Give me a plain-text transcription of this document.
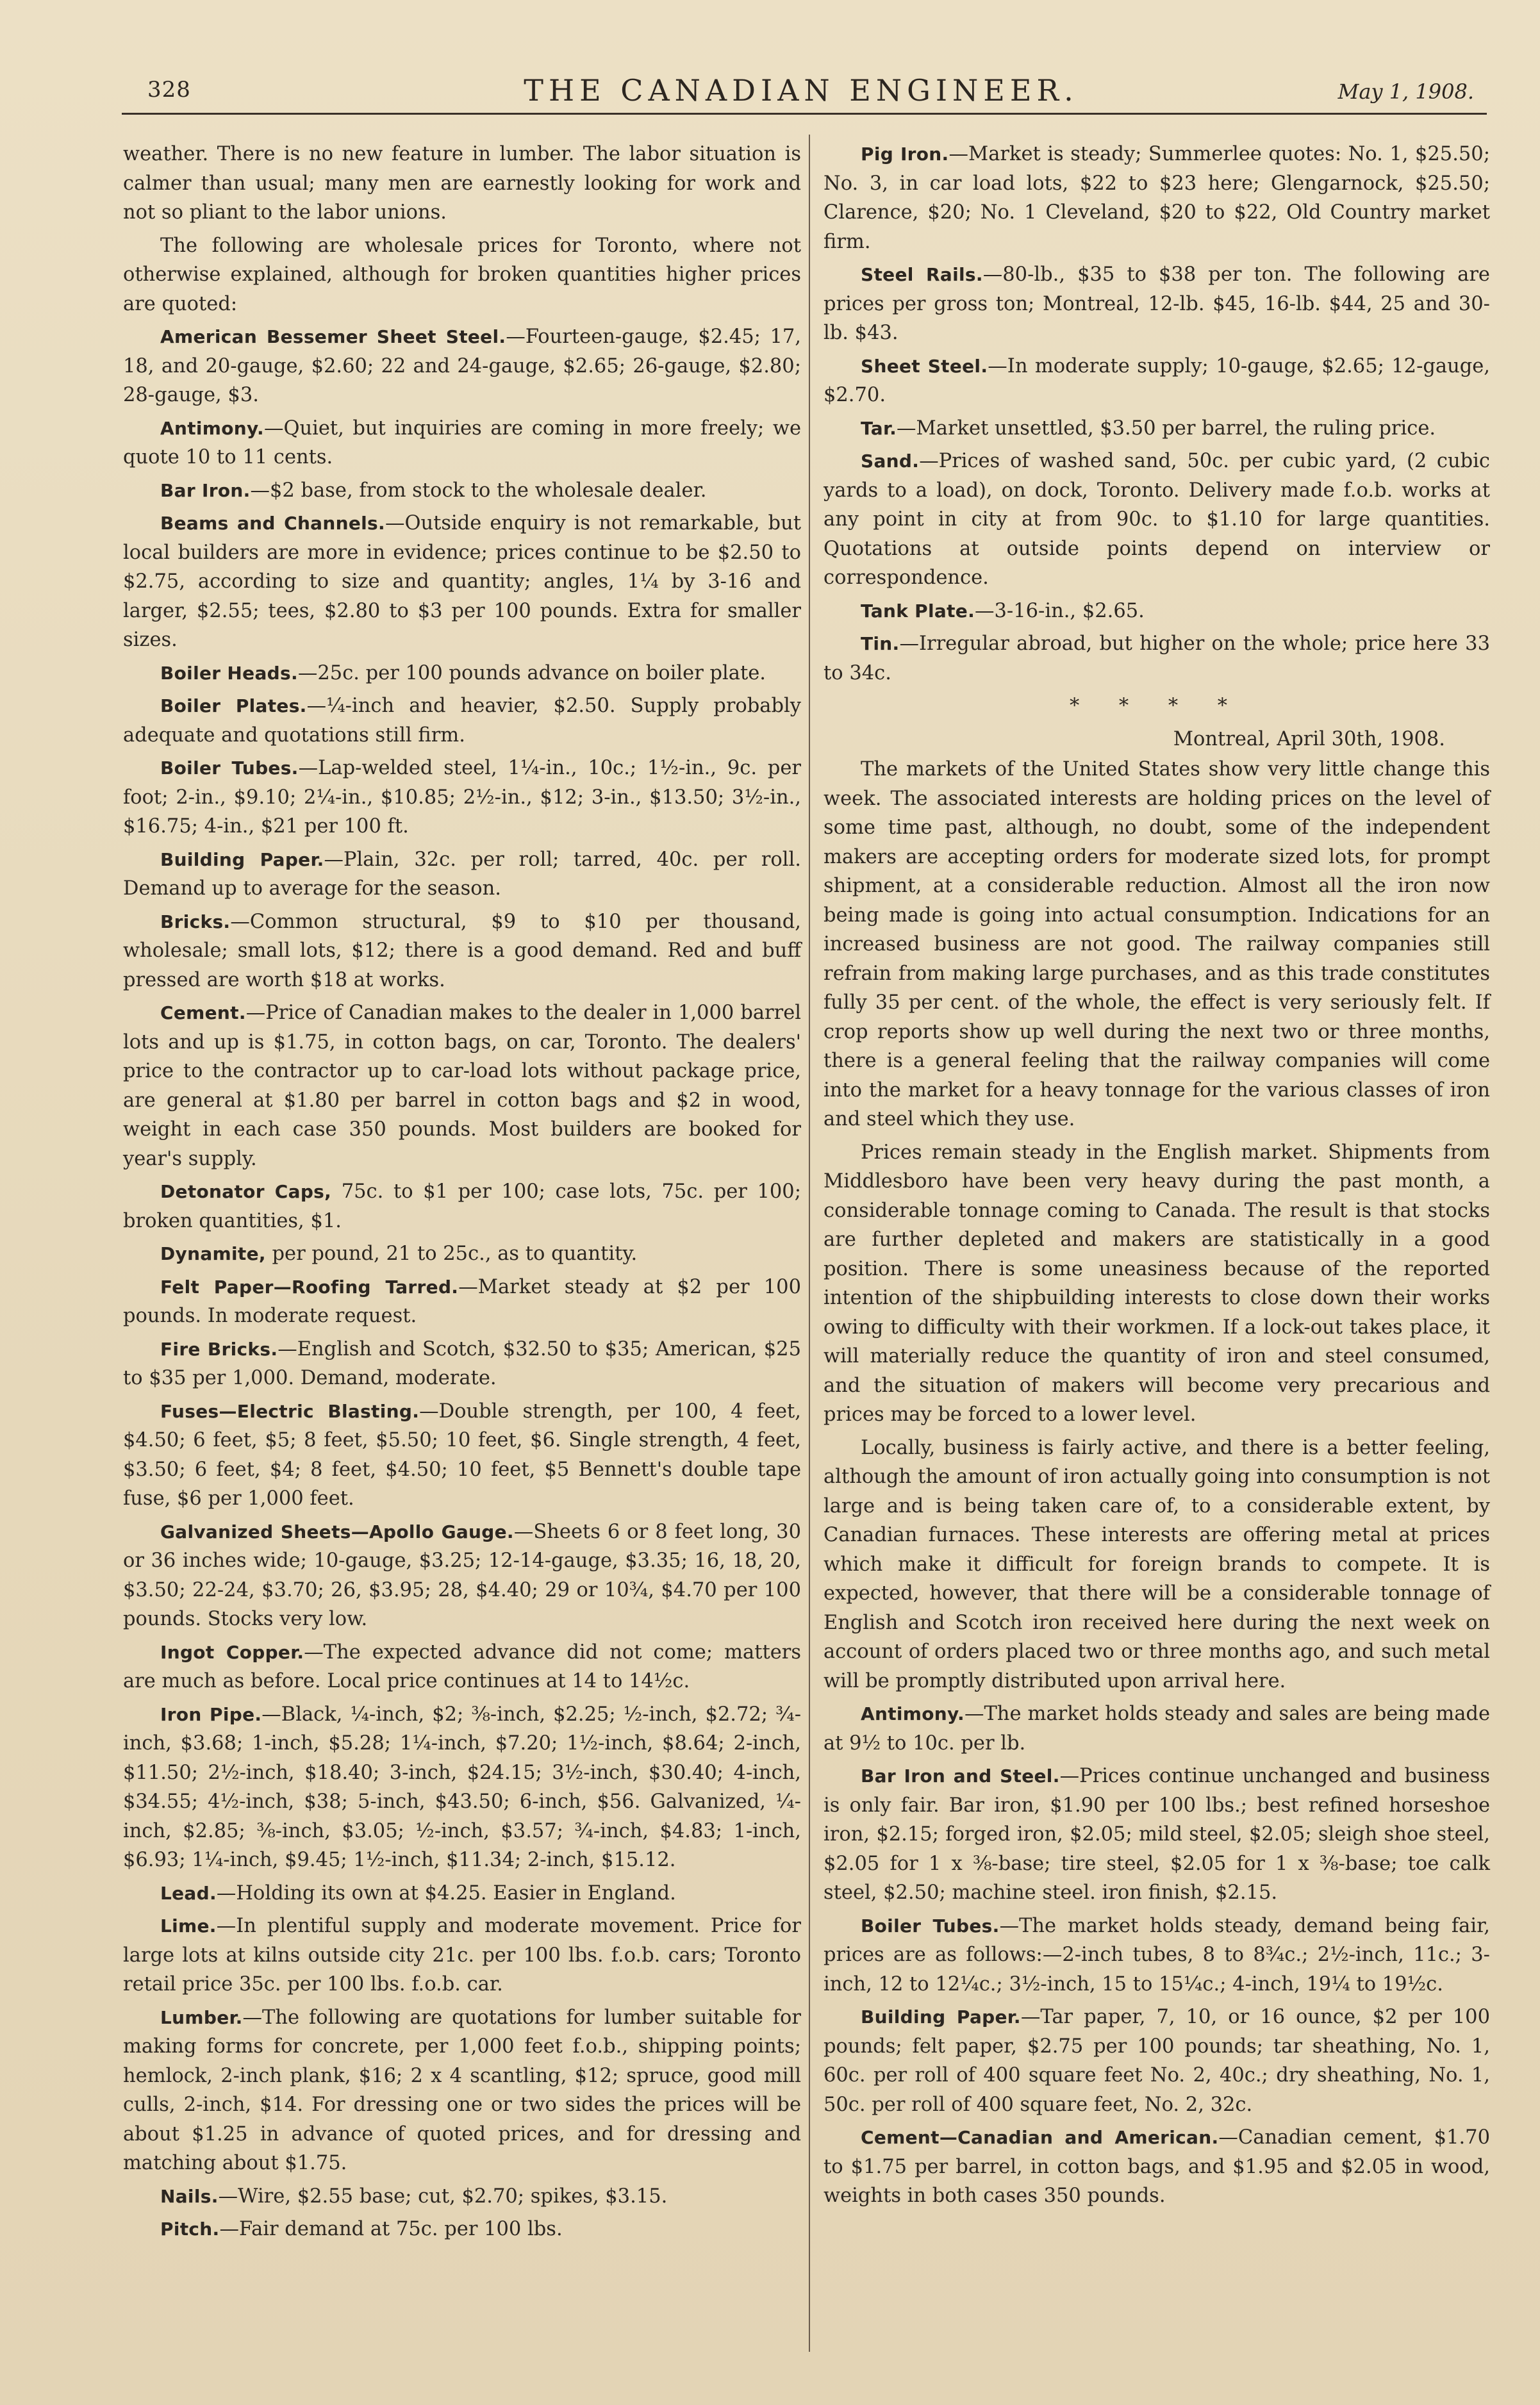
328	THE CANADIAN ENGINEER.	May 1, 1908.

weather. There is no new feature in lumber. The labor situation is calmer than usual; many men are earnestly looking for work and not so pliant to the labor unions.

The following are wholesale prices for Toronto, where not otherwise explained, although for broken quantities higher prices are quoted:

American Bessemer Sheet Steel.—Fourteen-gauge, $2.45; 17, 18, and 20-gauge, $2.60; 22 and 24-gauge, $2.65; 26-gauge, $2.80; 28-gauge, $3.

Antimony.—Quiet, but inquiries are coming in more freely; we quote 10 to 11 cents.

Bar Iron.—$2 base, from stock to the wholesale dealer.

Beams and Channels.—Outside enquiry is not remarkable, but local builders are more in evidence; prices continue to be $2.50 to $2.75, according to size and quantity; angles, 1¼ by 3-16 and larger, $2.55; tees, $2.80 to $3 per 100 pounds. Extra for smaller sizes.

Boiler Heads.—25c. per 100 pounds advance on boiler plate.

Boiler Plates.—¼-inch and heavier, $2.50. Supply probably adequate and quotations still firm.

Boiler Tubes.—Lap-welded steel, 1¼-in., 10c.; 1½-in., 9c. per foot; 2-in., $9.10; 2¼-in., $10.85; 2½-in., $12; 3-in., $13.50; 3½-in., $16.75; 4-in., $21 per 100 ft.

Building Paper.—Plain, 32c. per roll; tarred, 40c. per roll. Demand up to average for the season.

Bricks.—Common structural, $9 to $10 per thousand, wholesale; small lots, $12; there is a good demand. Red and buff pressed are worth $18 at works.

Cement.—Price of Canadian makes to the dealer in 1,000 barrel lots and up is $1.75, in cotton bags, on car, Toronto. The dealers' price to the contractor up to car-load lots without package price, are general at $1.80 per barrel in cotton bags and $2 in wood, weight in each case 350 pounds. Most builders are booked for year's supply.

Detonator Caps, 75c. to $1 per 100; case lots, 75c. per 100; broken quantities, $1.

Dynamite, per pound, 21 to 25c., as to quantity.

Felt Paper—Roofing Tarred.—Market steady at $2 per 100 pounds. In moderate request.

Fire Bricks.—English and Scotch, $32.50 to $35; American, $25 to $35 per 1,000. Demand, moderate.

Fuses—Electric Blasting.—Double strength, per 100, 4 feet, $4.50; 6 feet, $5; 8 feet, $5.50; 10 feet, $6. Single strength, 4 feet, $3.50; 6 feet, $4; 8 feet, $4.50; 10 feet, $5 Bennett's double tape fuse, $6 per 1,000 feet.

Galvanized Sheets—Apollo Gauge.—Sheets 6 or 8 feet long, 30 or 36 inches wide; 10-gauge, $3.25; 12-14-gauge, $3.35; 16, 18, 20, $3.50; 22-24, $3.70; 26, $3.95; 28, $4.40; 29 or 10¾, $4.70 per 100 pounds. Stocks very low.

Ingot Copper.—The expected advance did not come; matters are much as before. Local price continues at 14 to 14½c.

Iron Pipe.—Black, ¼-inch, $2; ⅜-inch, $2.25; ½-inch, $2.72; ¾-inch, $3.68; 1-inch, $5.28; 1¼-inch, $7.20; 1½-inch, $8.64; 2-inch, $11.50; 2½-inch, $18.40; 3-inch, $24.15; 3½-inch, $30.40; 4-inch, $34.55; 4½-inch, $38; 5-inch, $43.50; 6-inch, $56. Galvanized, ¼-inch, $2.85; ⅜-inch, $3.05; ½-inch, $3.57; ¾-inch, $4.83; 1-inch, $6.93; 1¼-inch, $9.45; 1½-inch, $11.34; 2-inch, $15.12.

Lead.—Holding its own at $4.25. Easier in England.

Lime.—In plentiful supply and moderate movement. Price for large lots at kilns outside city 21c. per 100 lbs. f.o.b. cars; Toronto retail price 35c. per 100 lbs. f.o.b. car.

Lumber.—The following are quotations for lumber suitable for making forms for concrete, per 1,000 feet f.o.b., shipping points; hemlock, 2-inch plank, $16; 2 x 4 scantling, $12; spruce, good mill culls, 2-inch, $14. For dressing one or two sides the prices will be about $1.25 in advance of quoted prices, and for dressing and matching about $1.75.

Nails.—Wire, $2.55 base; cut, $2.70; spikes, $3.15.

Pitch.—Fair demand at 75c. per 100 lbs.

Pig Iron.—Market is steady; Summerlee quotes: No. 1, $25.50; No. 3, in car load lots, $22 to $23 here; Glengarnock, $25.50; Clarence, $20; No. 1 Cleveland, $20 to $22, Old Country market firm.

Steel Rails.—80-lb., $35 to $38 per ton. The following are prices per gross ton; Montreal, 12-lb. $45, 16-lb. $44, 25 and 30-lb. $43.

Sheet Steel.—In moderate supply; 10-gauge, $2.65; 12-gauge, $2.70.

Tar.—Market unsettled, $3.50 per barrel, the ruling price.

Sand.—Prices of washed sand, 50c. per cubic yard, (2 cubic yards to a load), on dock, Toronto. Delivery made f.o.b. works at any point in city at from 90c. to $1.10 for large quantities. Quotations at outside points depend on interview or correspondence.

Tank Plate.—3-16-in., $2.65.

Tin.—Irregular abroad, but higher on the whole; price here 33 to 34c.

* * * *
Montreal, April 30th, 1908.

The markets of the United States show very little change this week. The associated interests are holding prices on the level of some time past, although, no doubt, some of the independent makers are accepting orders for moderate sized lots, for prompt shipment, at a considerable reduction. Almost all the iron now being made is going into actual consumption. Indications for an increased business are not good. The railway companies still refrain from making large purchases, and as this trade constitutes fully 35 per cent. of the whole, the effect is very seriously felt. If crop reports show up well during the next two or three months, there is a general feeling that the railway companies will come into the market for a heavy tonnage for the various classes of iron and steel which they use.

Prices remain steady in the English market. Shipments from Middlesboro have been very heavy during the past month, a considerable tonnage coming to Canada. The result is that stocks are further depleted and makers are statistically in a good position. There is some uneasiness because of the reported intention of the shipbuilding interests to close down their works owing to difficulty with their workmen. If a lock-out takes place, it will materially reduce the quantity of iron and steel consumed, and the situation of makers will become very precarious and prices may be forced to a lower level.

Locally, business is fairly active, and there is a better feeling, although the amount of iron actually going into consumption is not large and is being taken care of, to a considerable extent, by Canadian furnaces. These interests are offering metal at prices which make it difficult for foreign brands to compete. It is expected, however, that there will be a considerable tonnage of English and Scotch iron received here during the next week on account of orders placed two or three months ago, and such metal will be promptly distributed upon arrival here.

Antimony.—The market holds steady and sales are being made at 9½ to 10c. per lb.

Bar Iron and Steel.—Prices continue unchanged and business is only fair. Bar iron, $1.90 per 100 lbs.; best refined horseshoe iron, $2.15; forged iron, $2.05; mild steel, $2.05; sleigh shoe steel, $2.05 for 1 x ⅜-base; tire steel, $2.05 for 1 x ⅜-base; toe calk steel, $2.50; machine steel. iron finish, $2.15.

Boiler Tubes.—The market holds steady, demand being fair, prices are as follows:—2-inch tubes, 8 to 8¾c.; 2½-inch, 11c.; 3-inch, 12 to 12¼c.; 3½-inch, 15 to 15¼c.; 4-inch, 19¼ to 19½c.

Building Paper.—Tar paper, 7, 10, or 16 ounce, $2 per 100 pounds; felt paper, $2.75 per 100 pounds; tar sheathing, No. 1, 60c. per roll of 400 square feet No. 2, 40c.; dry sheathing, No. 1, 50c. per roll of 400 square feet, No. 2, 32c.

Cement—Canadian and American.—Canadian cement, $1.70 to $1.75 per barrel, in cotton bags, and $1.95 and $2.05 in wood, weights in both cases 350 pounds.
